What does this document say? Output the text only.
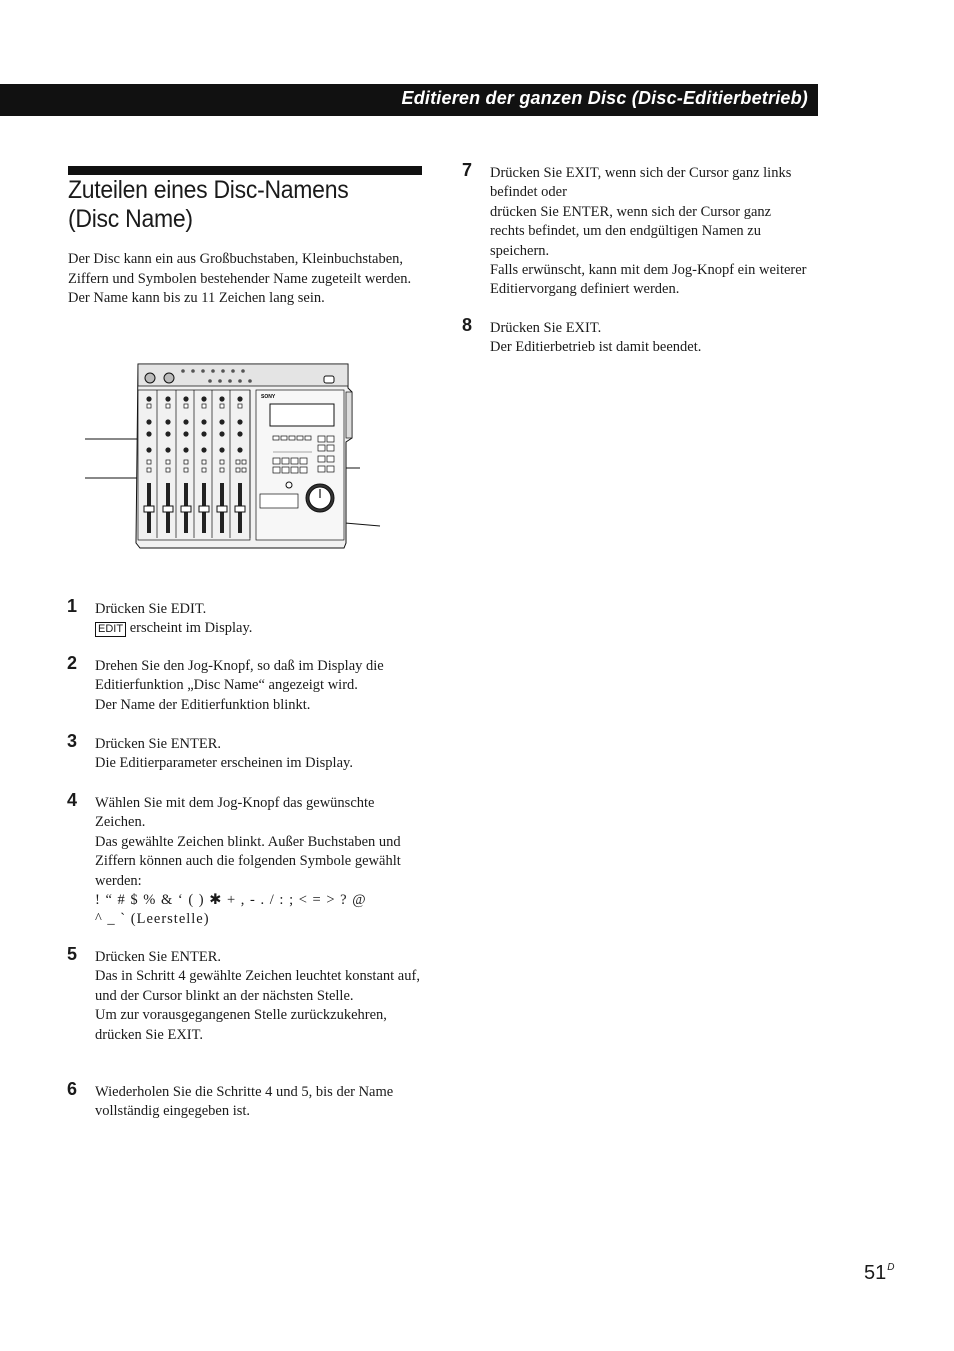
Editieren der ganzen Disc (Disc-Editierbetrieb)
Zuteilen eines Disc-Namens
(Disc Name)
Der Disc kann ein aus Großbuchstaben, Kleinbuchstaben, Ziffern und Symbolen bestehender Name zugeteilt werden. Der Name kann bis zu 11 Zeichen lang sein.
SONY
1 Drücken Sie EDIT.
EDIT erscheint im Display.
2 Drehen Sie den Jog-Knopf, so daß im Display die Editierfunktion „Disc Name“ angezeigt wird.
Der Name der Editierfunktion blinkt.
3 Drücken Sie ENTER.
Die Editierparameter erscheinen im Display.
4 Wählen Sie mit dem Jog-Knopf das gewünschte Zeichen.
Das gewählte Zeichen blinkt. Außer Buchstaben und Ziffern können auch die folgenden Symbole gewählt werden:
! “ # $ % & ‘ ( ) ✱ + , - . / : ; < = > ? @
^ _ ` (Leerstelle)
5 Drücken Sie ENTER.
Das in Schritt 4 gewählte Zeichen leuchtet konstant auf, und der Cursor blinkt an der nächsten Stelle.
Um zur vorausgegangenen Stelle zurückzukehren, drücken Sie EXIT.
6 Wiederholen Sie die Schritte 4 und 5, bis der Name vollständig eingegeben ist.
7 Drücken Sie EXIT, wenn sich der Cursor ganz links befindet oder
drücken Sie ENTER, wenn sich der Cursor ganz rechts befindet, um den endgültigen Namen zu speichern.
Falls erwünscht, kann mit dem Jog-Knopf ein weiterer Editiervorgang definiert werden.
8 Drücken Sie EXIT.
Der Editierbetrieb ist damit beendet.
$51^D$
